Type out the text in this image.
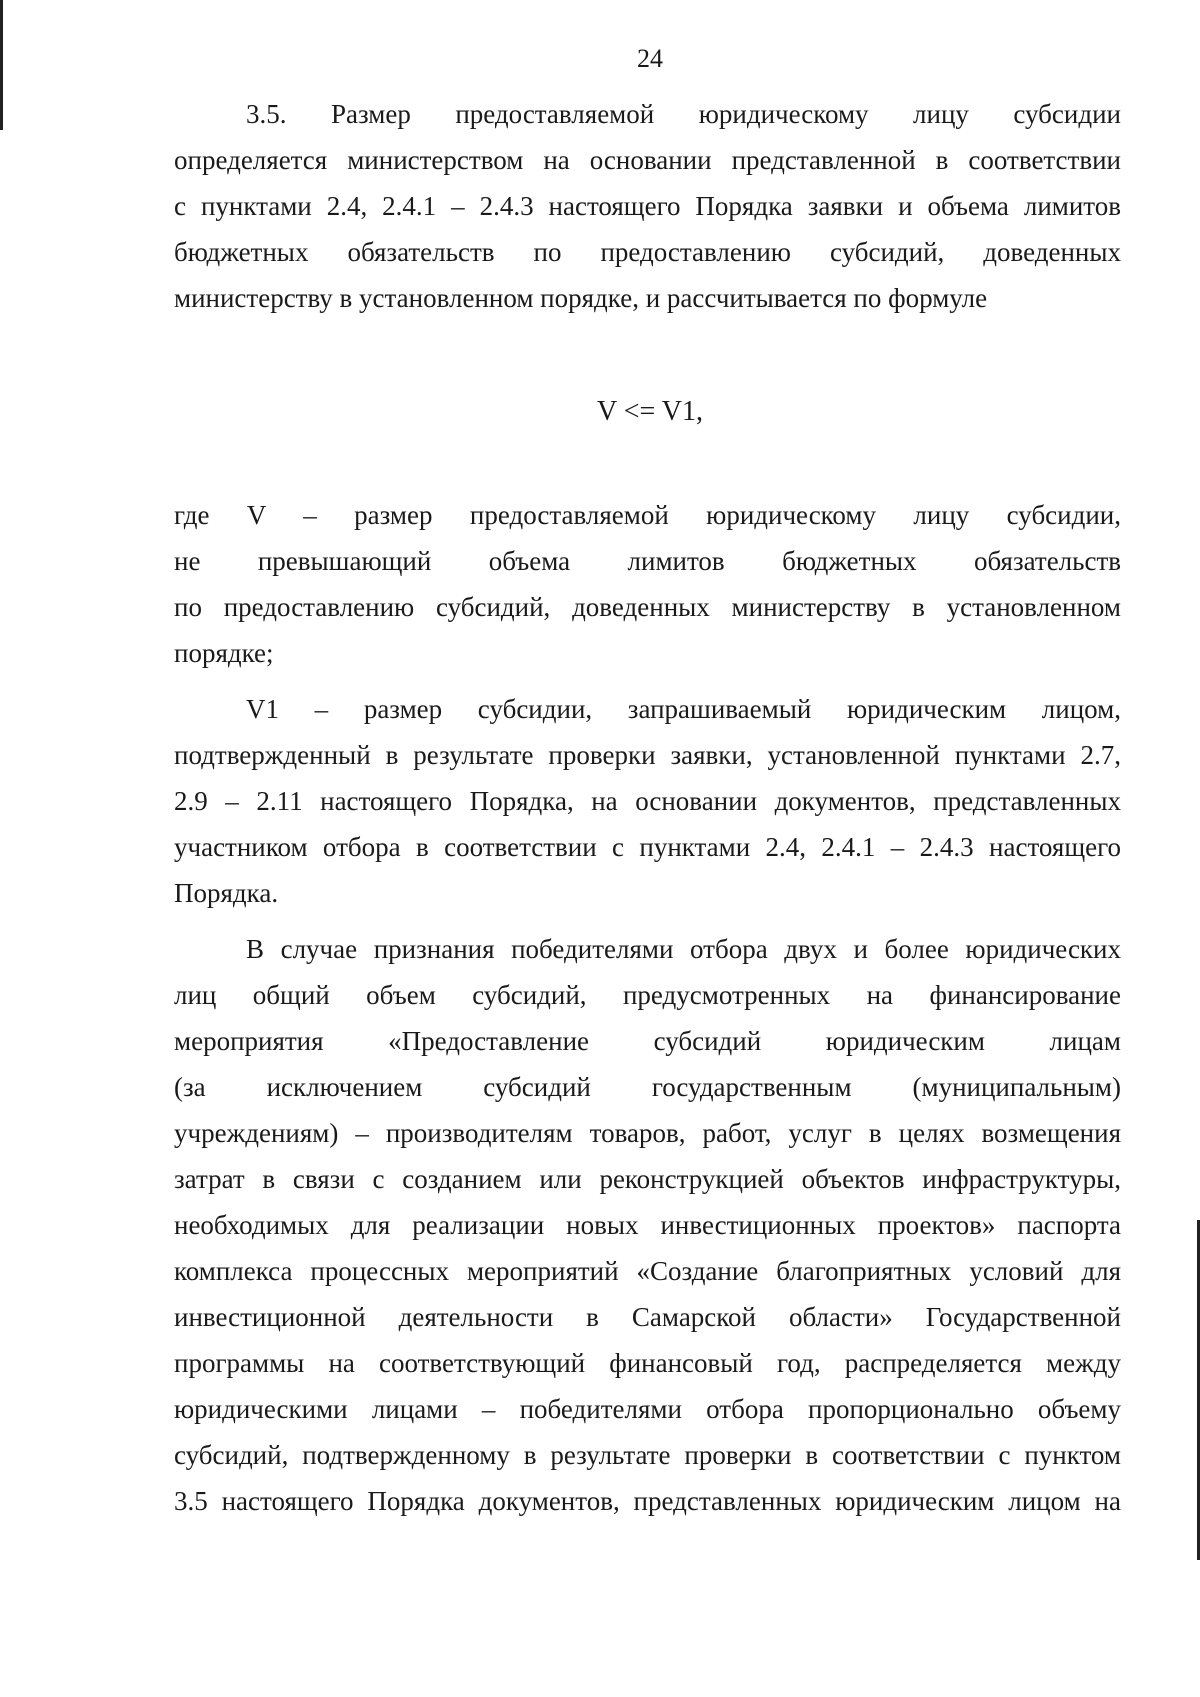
24
3.5. Размер предоставляемой юридическому лицу субсидии
определяется министерством на основании представленной в соответствии
с пунктами 2.4, 2.4.1 – 2.4.3 настоящего Порядка заявки и объема лимитов
бюджетных обязательств по предоставлению субсидий, доведенных
министерству в установленном порядке, и рассчитывается по формуле
V <= V1,
где V – размер предоставляемой юридическому лицу субсидии,
не превышающий объема лимитов бюджетных обязательств
по предоставлению субсидий, доведенных министерству в установленном
порядке;
V1 – размер субсидии, запрашиваемый юридическим лицом,
подтвержденный в результате проверки заявки, установленной пунктами 2.7,
2.9 – 2.11 настоящего Порядка, на основании документов, представленных
участником отбора в соответствии с пунктами 2.4, 2.4.1 – 2.4.3 настоящего
Порядка.
В случае признания победителями отбора двух и более юридических
лиц общий объем субсидий, предусмотренных на финансирование
мероприятия «Предоставление субсидий юридическим лицам
(за исключением субсидий государственным (муниципальным)
учреждениям) – производителям товаров, работ, услуг в целях возмещения
затрат в связи с созданием или реконструкцией объектов инфраструктуры,
необходимых для реализации новых инвестиционных проектов» паспорта
комплекса процессных мероприятий «Создание благоприятных условий для
инвестиционной деятельности в Самарской области» Государственной
программы на соответствующий финансовый год, распределяется между
юридическими лицами – победителями отбора пропорционально объему
субсидий, подтвержденному в результате проверки в соответствии с пунктом
3.5 настоящего Порядка документов, представленных юридическим лицом на
